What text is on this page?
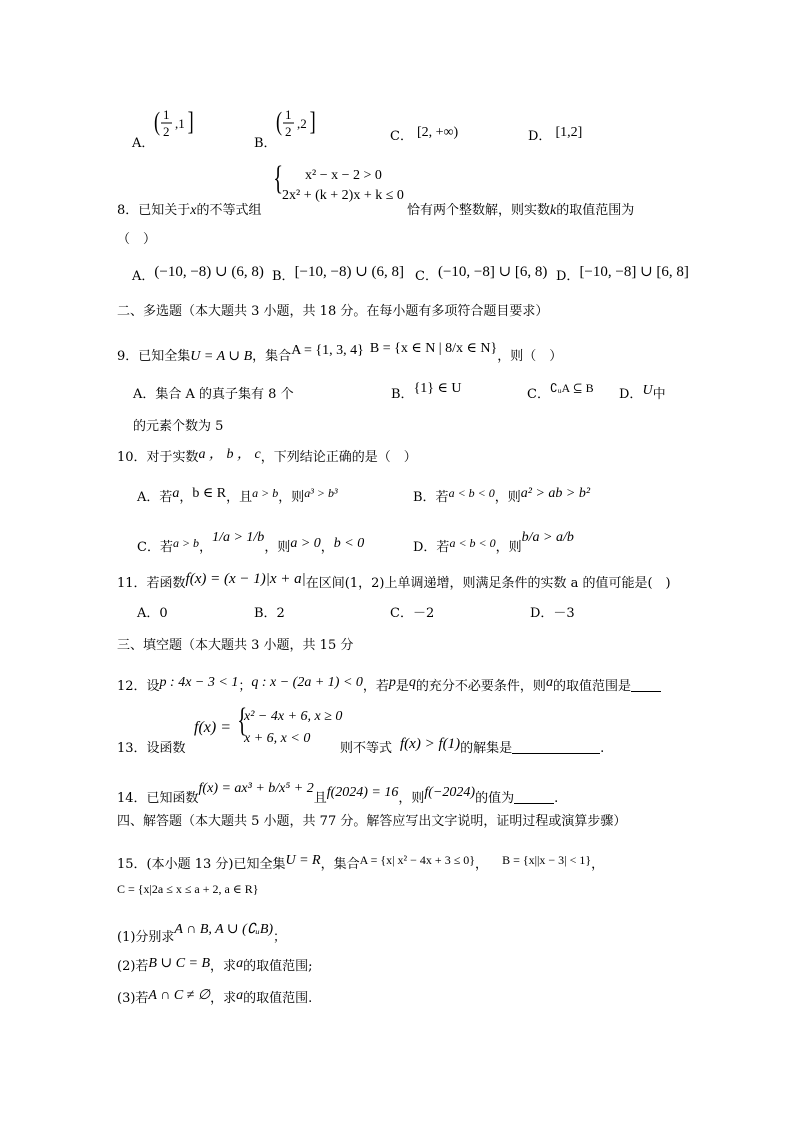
A．
( 1
2
,1 ]
B．
( 1
2
,2 ]
C． [2, +∞)	D． [1,2]
{ x² − x − 2 > 0
2x² + (k + 2)x + k ≤ 0
8．已知关于x的不等式组	恰有两个整数解，则实数k的取值范围为
（　）
A．(−10, −8) ∪ (6, 8) B．[−10, −8) ∪ (6, 8] C．(−10, −8] ∪ [6, 8) D．[−10, −8] ∪ [6, 8]
二、多选题（本大题共 3 小题，共 18 分。在每小题有多项符合题目要求）
9．已知全集U = A ∪ B，集合A = {1, 3, 4} B = {x ∈ N | 8/x ∈ N}，则（　）
A．集合 A 的真子集有 8 个	B．{1} ∈ U	C．∁ᵤA ⊆ B D．U中
的元素个数为 5
10．对于实数a ， b ， c，下列结论正确的是（　）
A．若a，b ∈ R，且a > b，则a³ > b³	B．若a < b < 0，则a² > ab > b²
C．若a > b，1/a > 1/b，则a > 0，b < 0	D．若a < b < 0，则b/a > a/b
11．若函数f(x) = (x − 1)|x + a|在区间(1，2)上单调递增，则满足条件的实数 a 的值可能是(　)
A．0	B．2	C．－2	D．－3
三、填空题（本大题共 3 小题，共 15 分
12．设p : 4x − 3 < 1；q : x − (2a + 1) < 0，若p是q的充分不必要条件，则a的取值范围是
f(x) = {
x² − 4x + 6, x ≥ 0
x + 6, x < 0
13．设函数	则不等式 f(x) > f(1)的解集是	.
14．已知函数f(x) = ax³ + b/x⁵ + 2且f(2024) = 16，则f(−2024)的值为	.
四、解答题（本大题共 5 小题，共 77 分。解答应写出文字说明，证明过程或演算步骤）
15．(本小题 13 分)已知全集U = R，集合A = {x| x² − 4x + 3 ≤ 0}， B = {x||x − 3| < 1}，
C = {x|2a ≤ x ≤ a + 2, a ∈ R}
(1)分别求A ∩ B, A ∪ (∁ᵤB)；
(2)若B ∪ C = B，求a的取值范围;
(3)若A ∩ C ≠ ∅，求a的取值范围.
